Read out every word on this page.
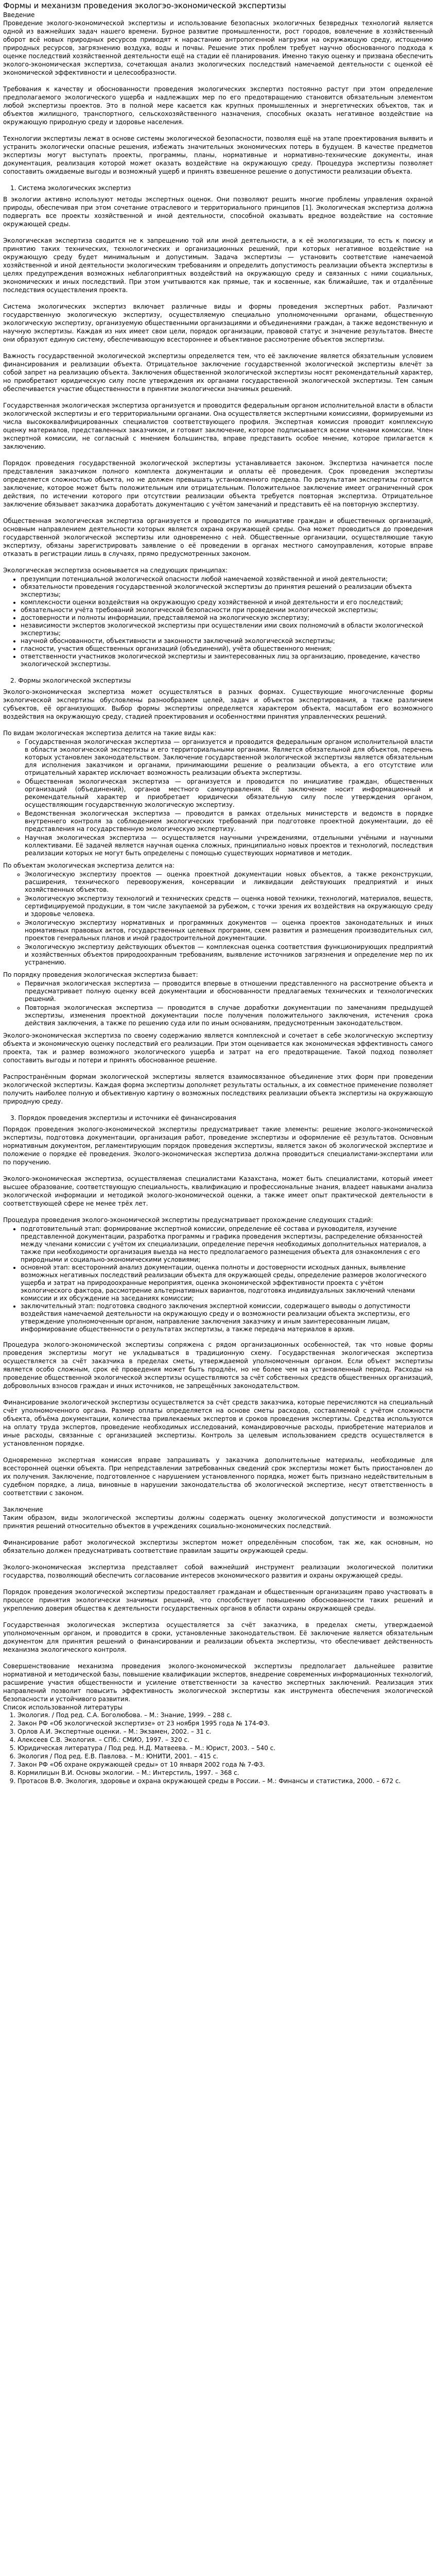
Формы и механизм проведения экологэо-экономической экспертизы
Введение

Проведение эколого-экономической экспертизы и использование безопасных экологичных безвредных технологий является одной из важнейших задач нашего времени. Бурное развитие промышленности, рост городов, вовлечение в хозяйственный оборот всё новых природных ресурсов приводят к нарастанию антропогенной нагрузки на окружающую среду, истощению природных ресурсов, загрязнению воздуха, воды и почвы. Решение этих проблем требует научно обоснованного подхода к оценке последствий хозяйственной деятельности ещё на стадии её планирования. Именно такую оценку и призвана обеспечить эколого-экономическая экспертиза, сочетающая анализ экологических последствий намечаемой деятельности с оценкой её экономической эффективности и целесообразности.

Требования к качеству и обоснованности проведения экологических экспертиз постоянно растут при этом определение предполагаемого экологического ущерба и надлежащих мер по его предотвращению становится обязательным элементом любой экспертизы проектов. Это в полной мере касается как крупных промышленных и энергетических объектов, так и объектов жилищного, транспортного, сельскохозяйственного назначения, способных оказать негативное воздействие на окружающую природную среду и здоровье населения.

Технологии экспертизы лежат в основе системы экологической безопасности, позволяя ещё на этапе проектирования выявить и устранить экологически опасные решения, избежать значительных экономических потерь в будущем. В качестве предметов экспертизы могут выступать проекты, программы, планы, нормативные и нормативно-технические документы, иная документация, реализация которой может оказать воздействие на окружающую среду. Процедура экспертизы позволяет сопоставить ожидаемые выгоды и возможный ущерб и принять взвешенное решение о допустимости реализации объекта.

1. Система экологических экспертиз

В экологии активно используют методы экспертных оценок. Они позволяют решить многие проблемы управления охраной природы, обеспечивая при этом сочетание отраслевого и территориального принципов [1]. Экологическая экспертиза должна подвергать все проекты хозяйственной и иной деятельности, способной оказывать вредное воздействие на состояние окружающей среды.

Экологическая экспертиза сводится не к запрещению той или иной деятельности, а к её экологизации, то есть к поиску и принятию таких технических, технологических и организационных решений, при которых негативное воздействие на окружающую среду будет минимальным и допустимым. Задача экспертизы — установить соответствие намечаемой хозяйственной и иной деятельности экологическим требованиям и определить допустимость реализации объекта экспертизы в целях предупреждения возможных неблагоприятных воздействий на окружающую среду и связанных с ними социальных, экономических и иных последствий. При этом учитываются как прямые, так и косвенные, как ближайшие, так и отдалённые последствия осуществления проекта.

Система экологических экспертиз включает различные виды и формы проведения экспертных работ. Различают государственную экологическую экспертизу, осуществляемую специально уполномоченными органами, общественную экологическую экспертизу, организуемую общественными организациями и объединениями граждан, а также ведомственную и научную экспертизы. Каждая из них имеет свои цели, порядок организации, правовой статус и значение результатов. Вместе они образуют единую систему, обеспечивающую всестороннее и объективное рассмотрение объектов экспертизы.

Важность государственной экологической экспертизы определяется тем, что её заключение является обязательным условием финансирования и реализации объекта. Отрицательное заключение государственной экологической экспертизы влечёт за собой запрет на реализацию объекта. Заключения общественной экологической экспертизы носят рекомендательный характер, но приобретают юридическую силу после утверждения их органами государственной экологической экспертизы. Тем самым обеспечивается участие общественности в принятии экологически значимых решений.

Государственная экологическая экспертиза организуется и проводится федеральным органом исполнительной власти в области экологической экспертизы и его территориальными органами. Она осуществляется экспертными комиссиями, формируемыми из числа высококвалифицированных специалистов соответствующего профиля. Экспертная комиссия проводит комплексную оценку материалов, представленных заказчиком, и готовит заключение, которое подписывается всеми членами комиссии. Член экспертной комиссии, не согласный с мнением большинства, вправе представить особое мнение, которое прилагается к заключению.

Порядок проведения государственной экологической экспертизы устанавливается законом. Экспертиза начинается после представления заказчиком полного комплекта документации и оплаты её проведения. Срок проведения экспертизы определяется сложностью объекта, но не должен превышать установленного предела. По результатам экспертизы готовится заключение, которое может быть положительным или отрицательным. Положительное заключение имеет ограниченный срок действия, по истечении которого при отсутствии реализации объекта требуется повторная экспертиза. Отрицательное заключение обязывает заказчика доработать документацию с учётом замечаний и представить её на повторную экспертизу.

Общественная экологическая экспертиза организуется и проводится по инициативе граждан и общественных организаций, основным направлением деятельности которых является охрана окружающей среды. Она может проводиться до проведения государственной экологической экспертизы или одновременно с ней. Общественные организации, осуществляющие такую экспертизу, обязаны зарегистрировать заявление о её проведении в органах местного самоуправления, которые вправе отказать в регистрации лишь в случаях, прямо предусмотренных законом.

Экологическая экспертиза основывается на следующих принципах:

• презумпции потенциальной экологической опасности любой намечаемой хозяйственной и иной деятельности;
• обязательности проведения государственной экологической экспертизы до принятия решений о реализации объекта экспертизы;
• комплексности оценки воздействия на окружающую среду хозяйственной и иной деятельности и его последствий;
• обязательности учёта требований экологической безопасности при проведении экологической экспертизы;
• достоверности и полноты информации, представляемой на экологическую экспертизу;
• независимости экспертов экологической экспертизы при осуществлении ими своих полномочий в области экологической экспертизы;
• научной обоснованности, объективности и законности заключений экологической экспертизы;
• гласности, участия общественных организаций (объединений), учёта общественного мнения;
• ответственности участников экологической экспертизы и заинтересованных лиц за организацию, проведение, качество экологической экспертизы.
2. Формы экологической экспертизы

Эколого-экономическая экспертиза может осуществляться в разных формах. Существующие многочисленные формы экологической экспертизы обусловлены разнообразием целей, задач и объектов экспертирования, а также различием субъектов, её организующих. Выбор формы экспертизы определяется характером объекта, масштабом его возможного воздействия на окружающую среду, стадией проектирования и особенностями принятия управленческих решений.

По видам экологическая экспертиза делится на такие виды как:

◦ Государственная экологическая экспертиза — организуется и проводится федеральным органом исполнительной власти в области экологической экспертизы и его территориальными органами. Является обязательной для объектов, перечень которых установлен законодательством. Заключение государственной экологической экспертизы является обязательным для исполнения заказчиком и органами, принимающими решение о реализации объекта, а его отсутствие или отрицательный характер исключает возможность реализации объекта экспертизы.

◦ Общественная экологическая экспертиза — организуется и проводится по инициативе граждан, общественных организаций (объединений), органов местного самоуправления. Её заключение носит информационный и рекомендательный характер и приобретает юридически обязательную силу после утверждения органом, осуществляющим государственную экологическую экспертизу.

◦ Ведомственная экологическая экспертиза — проводится в рамках отдельных министерств и ведомств в порядке внутреннего контроля за соблюдением экологических требований при подготовке проектной документации, до её представления на государственную экологическую экспертизу.

◦ Научная экологическая экспертиза — осуществляется научными учреждениями, отдельными учёными и научными коллективами. Её задачей является научная оценка сложных, принципиально новых проектов и технологий, последствия реализации которых не могут быть определены с помощью существующих нормативов и методик.

По объектам экологическая экспертиза делится на:

◦ Экологическую экспертизу проектов — оценка проектной документации новых объектов, а также реконструкции, расширения, технического перевооружения, консервации и ликвидации действующих предприятий и иных хозяйственных объектов.

◦ Экологическую экспертизу технологий и технических средств — оценка новой техники, технологий, материалов, веществ, сертифицируемой продукции, в том числе закупаемой за рубежом, с точки зрения их воздействия на окружающую среду и здоровье человека.

◦ Экологическую экспертизу нормативных и программных документов — оценка проектов законодательных и иных нормативных правовых актов, государственных целевых программ, схем развития и размещения производительных сил, проектов генеральных планов и иной градостроительной документации.

◦ Экологическую экспертизу действующих объектов — комплексная оценка соответствия функционирующих предприятий и хозяйственных объектов природоохранным требованиям, выявление источников загрязнения и определение мер по их устранению.

По порядку проведения экологическая экспертиза бывает:

◦ Первичная экологическая экспертиза — проводится впервые в отношении представленного на рассмотрение объекта и предусматривает полную оценку всей документации и обоснованности предлагаемых технических и технологических решений.

◦ Повторная экологическая экспертиза — проводится в случае доработки документации по замечаниям предыдущей экспертизы, изменения проектной документации после получения положительного заключения, истечения срока действия заключения, а также по решению суда или по иным основаниям, предусмотренным законодательством.

Эколого-экономическая экспертиза по своему содержанию является комплексной и сочетает в себе экологическую экспертизу объекта и экономическую оценку последствий его реализации. При этом оценивается как экономическая эффективность самого проекта, так и размер возможного экологического ущерба и затрат на его предотвращение. Такой подход позволяет сопоставить выгоды и потери и принять обоснованное решение.

Распространённым формам экологической экспертизы является взаимосвязанное объединение этих форм при проведении экологической экспертизы. Каждая форма экспертизы дополняет результаты остальных, а их совместное применение позволяет получить наиболее полную и объективную картину о возможных последствиях реализации объекта экспертизы на окружающую природную среду.

3. Порядок проведения экспертизы и источники её финансирования

Порядок проведения эколого-экономической экспертизы предусматривает такие элементы: решение эколого-экономической экспертизы, подготовка документации, организация работ, проведение экспертизы и оформление её результатов. Основным нормативным документом, регламентирующим порядок проведения экспертизы, является закон об экологической экспертизе и положение о порядке её проведения. Эколого-экономическая экспертиза должна проводиться специалистами-экспертами или по поручению.

Эколого-экономическая экспертиза, осуществляемая специалистами Казахстана, может быть специалистами, который имеет высшее образование, соответствующую специальность, квалификацию и профессиональные знания, владеет навыками анализа экологической информации и методикой эколого-экономической оценки, а также имеет опыт практической деятельности в соответствующей сфере не менее трёх лет.

Процедура проведения эколого-экономической экспертизы предусматривает прохождение следующих стадий:

• подготовительный этап: формирование экспертной комиссии, определение её состава и руководителя, изучение представленной документации, разработка программы и графика проведения экспертизы, распределение обязанностей между членами комиссии с учётом их специализации, определение перечня необходимых дополнительных материалов, а также при необходимости организация выезда на место предполагаемого размещения объекта для ознакомления с его природными и социально-экономическими условиями;
• основной этап: всесторонний анализ документации, оценка полноты и достоверности исходных данных, выявление возможных негативных последствий реализации объекта для окружающей среды, определение размеров экологического ущерба и затрат на природоохранные мероприятия, оценка экономической эффективности проекта с учётом экологического фактора, рассмотрение альтернативных вариантов, подготовка индивидуальных заключений членами комиссии и их обсуждение на заседаниях комиссии;
• заключительный этап: подготовка сводного заключения экспертной комиссии, содержащего выводы о допустимости воздействия намечаемой деятельности на окружающую среду и о возможности реализации объекта экспертизы, его утверждение уполномоченным органом, направление заключения заказчику и иным заинтересованным лицам, информирование общественности о результатах экспертизы, а также передача материалов в архив.

Процедура эколого-экономической экспертизы сопряжена с рядом организационных особенностей, так что новые формы проведения экспертизы могут не укладываться в традиционную схему. Государственная экологическая экспертиза осуществляется за счёт заказчика в пределах сметы, утверждаемой уполномоченным органом. Если объект экспертизы является особо сложным, срок её проведения может быть продлён, но не более чем на установленный период. Расходы на проведение общественной экологической экспертизы осуществляются за счёт собственных средств общественных организаций, добровольных взносов граждан и иных источников, не запрещённых законодательством.

Финансирование экологической экспертизы осуществляется за счёт средств заказчика, которые перечисляются на специальный счёт уполномоченного органа. Размер оплаты определяется на основе сметы расходов, составляемой с учётом сложности объекта, объёма документации, количества привлекаемых экспертов и сроков проведения экспертизы. Средства используются на оплату труда экспертов, проведение необходимых исследований, командировочные расходы, приобретение материалов и иные расходы, связанные с организацией экспертизы. Контроль за целевым использованием средств осуществляется в установленном порядке.

Одновременно экспертная комиссия вправе запрашивать у заказчика дополнительные материалы, необходимые для всесторонней оценки объекта. При непредставлении затребованных сведений срок экспертизы может быть приостановлен до их получения. Заключение, подготовленное с нарушением установленного порядка, может быть признано недействительным в судебном порядке, а лица, виновные в нарушении законодательства об экологической экспертизе, несут ответственность в соответствии с законом.

Заключение

Таким образом, виды экологической экспертизы должны содержать оценку экологической допустимости и возможности принятия решений относительно объектов в учреждениях социально-экономических последствий.

Финансирование работ экологической экспертизы экспертом может определённым способом, так же, как основным, но обязательно должен предусматривать соответствие правилам защиты окружающей среды.

Эколого-экономическая экспертиза представляет собой важнейший инструмент реализации экологической политики государства, позволяющий обеспечить согласование интересов экономического развития и охраны окружающей среды.

Порядок проведения экологической экспертизы предоставляет гражданам и общественным организациям право участвовать в процессе принятия экологически значимых решений, что способствует повышению обоснованности таких решений и укреплению доверия общества к деятельности государственных органов в области охраны окружающей среды.

Государственная экологическая экспертиза осуществляется за счёт заказчика, в пределах сметы, утверждаемой уполномоченным органом, и проводится в сроки, установленные законодательством. Её заключение является обязательным документом для принятия решений о финансировании и реализации объекта экспертизы, что обеспечивает действенность механизма экологического контроля.

Совершенствование механизма проведения эколого-экономической экспертизы предполагает дальнейшее развитие нормативной и методической базы, повышение квалификации экспертов, внедрение современных информационных технологий, расширение участия общественности и усиление ответственности за качество экспертных заключений. Реализация этих направлений позволит повысить эффективность экологической экспертизы как инструмента обеспечения экологической безопасности и устойчивого развития.

Список использованной литературы
1. Экология. / Под ред. С.А. Боголюбова. – М.: Знание, 1999. – 288 с.
2. Закон РФ «Об экологической экспертизе» от 23 ноября 1995 года № 174-ФЗ.
3. Орлов А.И. Экспертные оценки. – М.: Экзамен, 2002. – 31 с.
4. Алексеев С.В. Экология. – СПб.: СМИО, 1997. – 320 с.
5. Юридическая литература / Под ред. Н.Д. Матвеева. – М.: Юрист, 2003. – 540 с.
6. Экология / Под ред. Е.В. Павлова. – М.: ЮНИТИ, 2001. – 415 с.
7. Закон РФ «Об охране окружающей среды» от 10 января 2002 года № 7-ФЗ.
8. Кормилицын В.И. Основы экологии. – М.: Интерстиль, 1997. – 368 с.
9. Протасов В.Ф. Экология, здоровье и охрана окружающей среды в России. – М.: Финансы и статистика, 2000. – 672 с.
